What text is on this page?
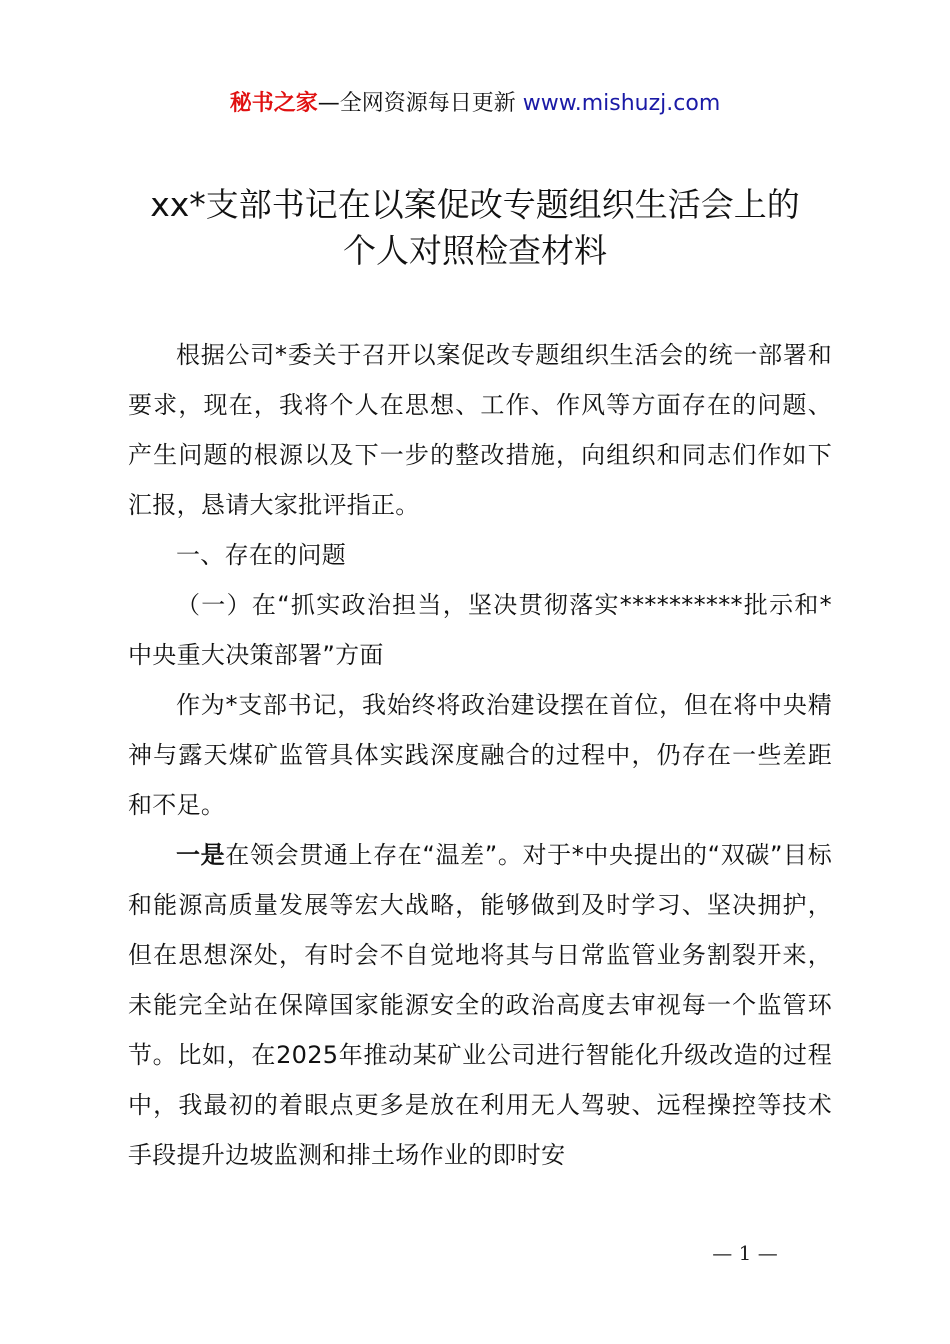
秘书之家—全网资源每日更新 www.mishuzj.com
xx*支部书记在以案促改专题组织生活会上的
个人对照检查材料

根据公司*委关于召开以案促改专题组织生活会的统一部署和要求，现在，我将个人在思想、工作、作风等方面存在的问题、产生问题的根源以及下一步的整改措施，向组织和同志们作如下汇报，恳请大家批评指正。

一、存在的问题

（一）在“抓实政治担当，坚决贯彻落实**********批示和*中央重大决策部署”方面

作为*支部书记，我始终将政治建设摆在首位，但在将中央精神与露天煤矿监管具体实践深度融合的过程中，仍存在一些差距和不足。

一是在领会贯通上存在“温差”。对于*中央提出的“双碳”目标和能源高质量发展等宏大战略，能够做到及时学习、坚决拥护，但在思想深处，有时会不自觉地将其与日常监管业务割裂开来，未能完全站在保障国家能源安全的政治高度去审视每一个监管环节。比如，在2025年推动某矿业公司进行智能化升级改造的过程中，我最初的着眼点更多是放在利用无人驾驶、远程操控等技术手段提升边坡监测和排土场作业的即时安

— 1 —
